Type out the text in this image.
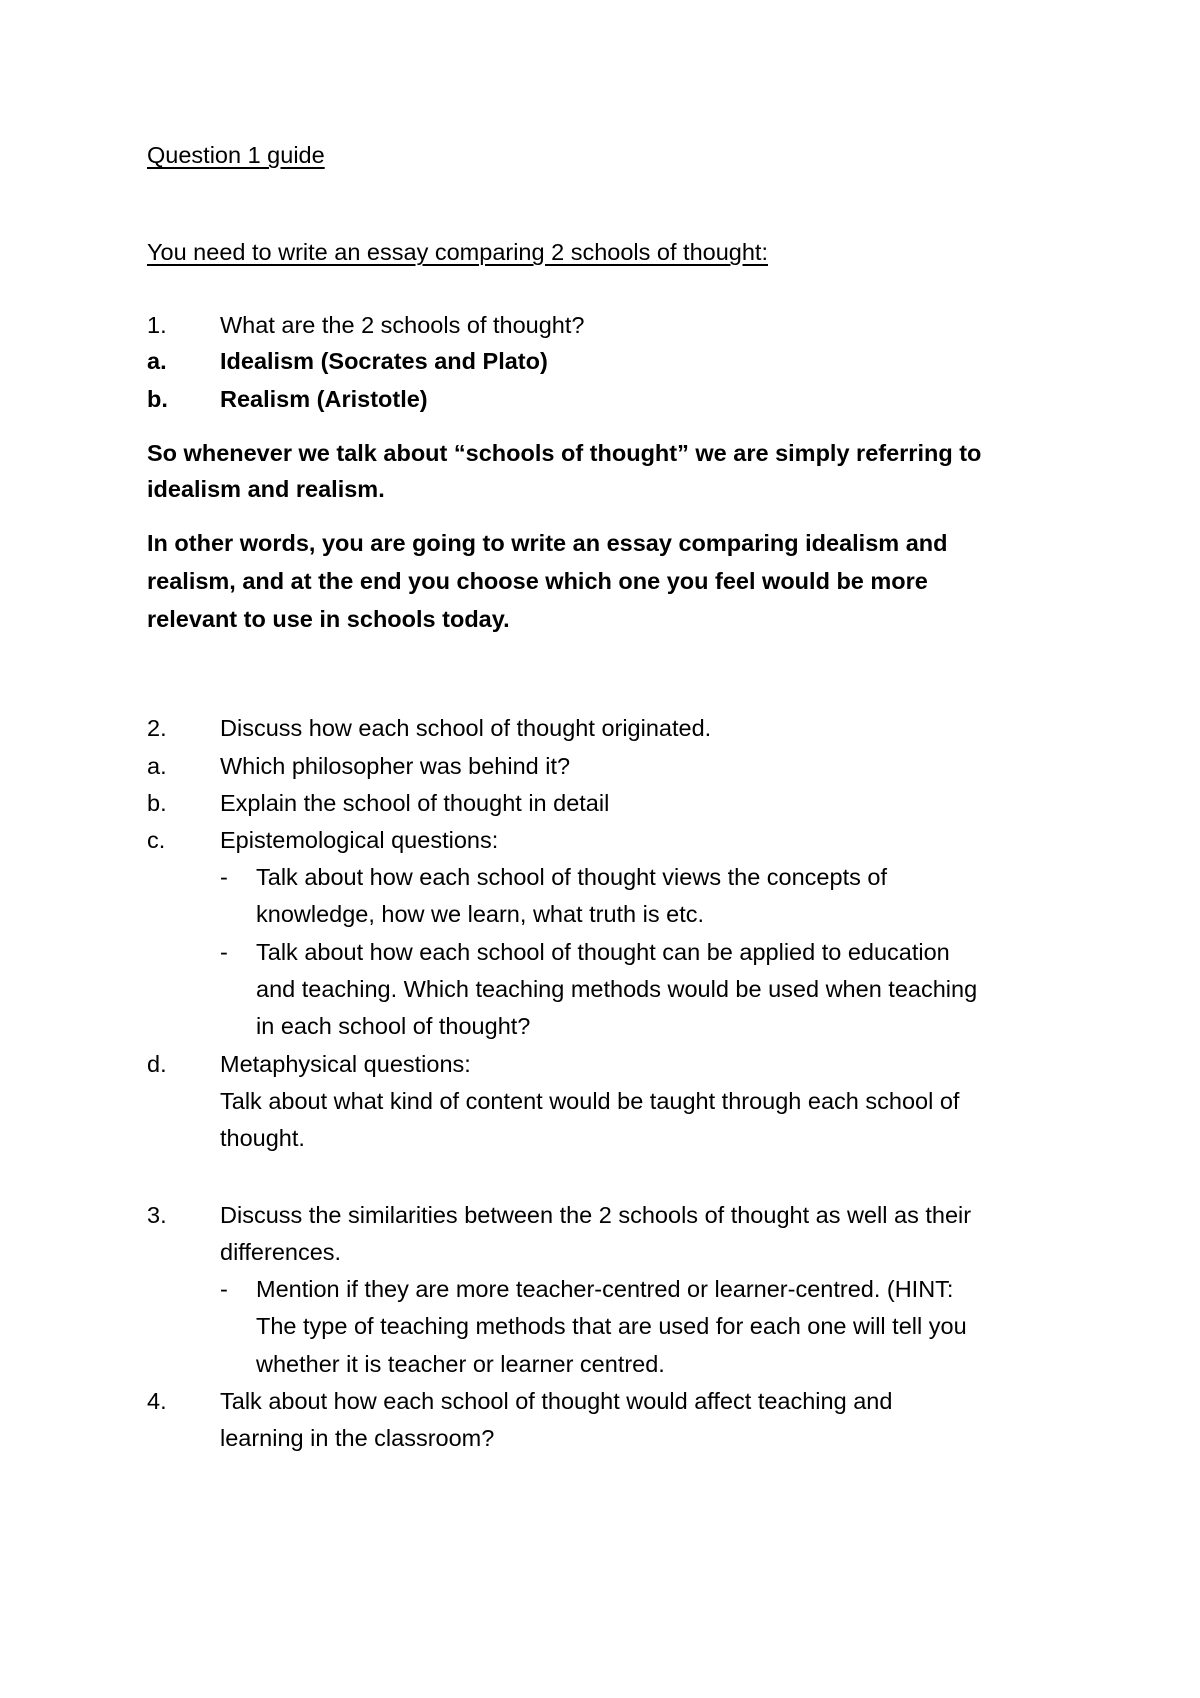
Question 1 guide
You need to write an essay comparing 2 schools of thought:
1. What are the 2 schools of thought?
a. Idealism (Socrates and Plato)
b. Realism (Aristotle)
So whenever we talk about “schools of thought” we are simply referring to
idealism and realism.
In other words, you are going to write an essay comparing idealism and
realism, and at the end you choose which one you feel would be more
relevant to use in schools today.
2. Discuss how each school of thought originated.
a. Which philosopher was behind it?
b. Explain the school of thought in detail
c. Epistemological questions:
- Talk about how each school of thought views the concepts of
knowledge, how we learn, what truth is etc.
- Talk about how each school of thought can be applied to education
and teaching. Which teaching methods would be used when teaching
in each school of thought?
d. Metaphysical questions:
Talk about what kind of content would be taught through each school of
thought.
3. Discuss the similarities between the 2 schools of thought as well as their
differences.
- Mention if they are more teacher-centred or learner-centred. (HINT:
The type of teaching methods that are used for each one will tell you
whether it is teacher or learner centred.
4. Talk about how each school of thought would affect teaching and
learning in the classroom?
